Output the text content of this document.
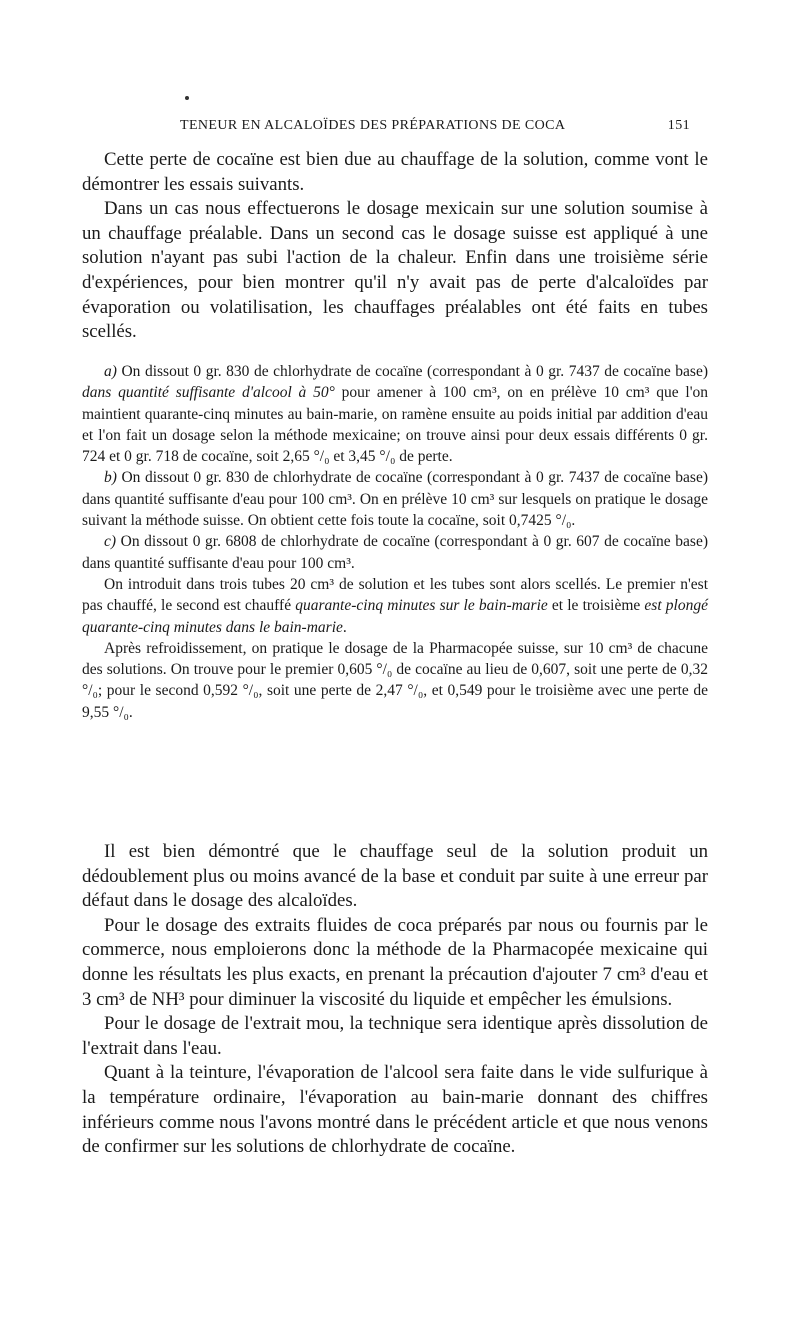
TENEUR EN ALCALOÏDES DES PRÉPARATIONS DE COCA	151

Cette perte de cocaïne est bien due au chauffage de la solution, comme vont le démontrer les essais suivants.

Dans un cas nous effectuerons le dosage mexicain sur une solution soumise à un chauffage préalable. Dans un second cas le dosage suisse est appliqué à une solution n'ayant pas subi l'action de la chaleur. Enfin dans une troisième série d'expériences, pour bien montrer qu'il n'y avait pas de perte d'alcaloïdes par évaporation ou volatilisation, les chauffages préalables ont été faits en tubes scellés.

a) On dissout 0 gr. 830 de chlorhydrate de cocaïne (correspondant à 0 gr. 7437 de cocaïne base) dans quantité suffisante d'alcool à 50° pour amener à 100 cm³, on en prélève 10 cm³ que l'on maintient quarante-cinq minutes au bain-marie, on ramène ensuite au poids initial par addition d'eau et l'on fait un dosage selon la méthode mexicaine; on trouve ainsi pour deux essais différents 0 gr. 724 et 0 gr. 718 de cocaïne, soit 2,65 °/₀ et 3,45 °/₀ de perte.

b) On dissout 0 gr. 830 de chlorhydrate de cocaïne (correspondant à 0 gr. 7437 de cocaïne base) dans quantité suffisante d'eau pour 100 cm³. On en prélève 10 cm³ sur lesquels on pratique le dosage suivant la méthode suisse. On obtient cette fois toute la cocaïne, soit 0,7425 °/₀.

c) On dissout 0 gr. 6808 de chlorhydrate de cocaïne (correspondant à 0 gr. 607 de cocaïne base) dans quantité suffisante d'eau pour 100 cm³.

On introduit dans trois tubes 20 cm³ de solution et les tubes sont alors scellés. Le premier n'est pas chauffé, le second est chauffé quarante-cinq minutes sur le bain-marie et le troisième est plongé quarante-cinq minutes dans le bain-marie.

Après refroidissement, on pratique le dosage de la Pharmacopée suisse, sur 10 cm³ de chacune des solutions. On trouve pour le premier 0,605 °/₀ de cocaïne au lieu de 0,607, soit une perte de 0,32 °/₀; pour le second 0,592 °/₀, soit une perte de 2,47 °/₀, et 0,549 pour le troisième avec une perte de 9,55 °/₀.

Il est bien démontré que le chauffage seul de la solution produit un dédoublement plus ou moins avancé de la base et conduit par suite à une erreur par défaut dans le dosage des alcaloïdes.

Pour le dosage des extraits fluides de coca préparés par nous ou fournis par le commerce, nous emploierons donc la méthode de la Pharmacopée mexicaine qui donne les résultats les plus exacts, en prenant la précaution d'ajouter 7 cm³ d'eau et 3 cm³ de NH³ pour diminuer la viscosité du liquide et empêcher les émulsions.

Pour le dosage de l'extrait mou, la technique sera identique après dissolution de l'extrait dans l'eau.

Quant à la teinture, l'évaporation de l'alcool sera faite dans le vide sulfurique à la température ordinaire, l'évaporation au bain-marie donnant des chiffres inférieurs comme nous l'avons montré dans le précédent article et que nous venons de confirmer sur les solutions de chlorhydrate de cocaïne.
